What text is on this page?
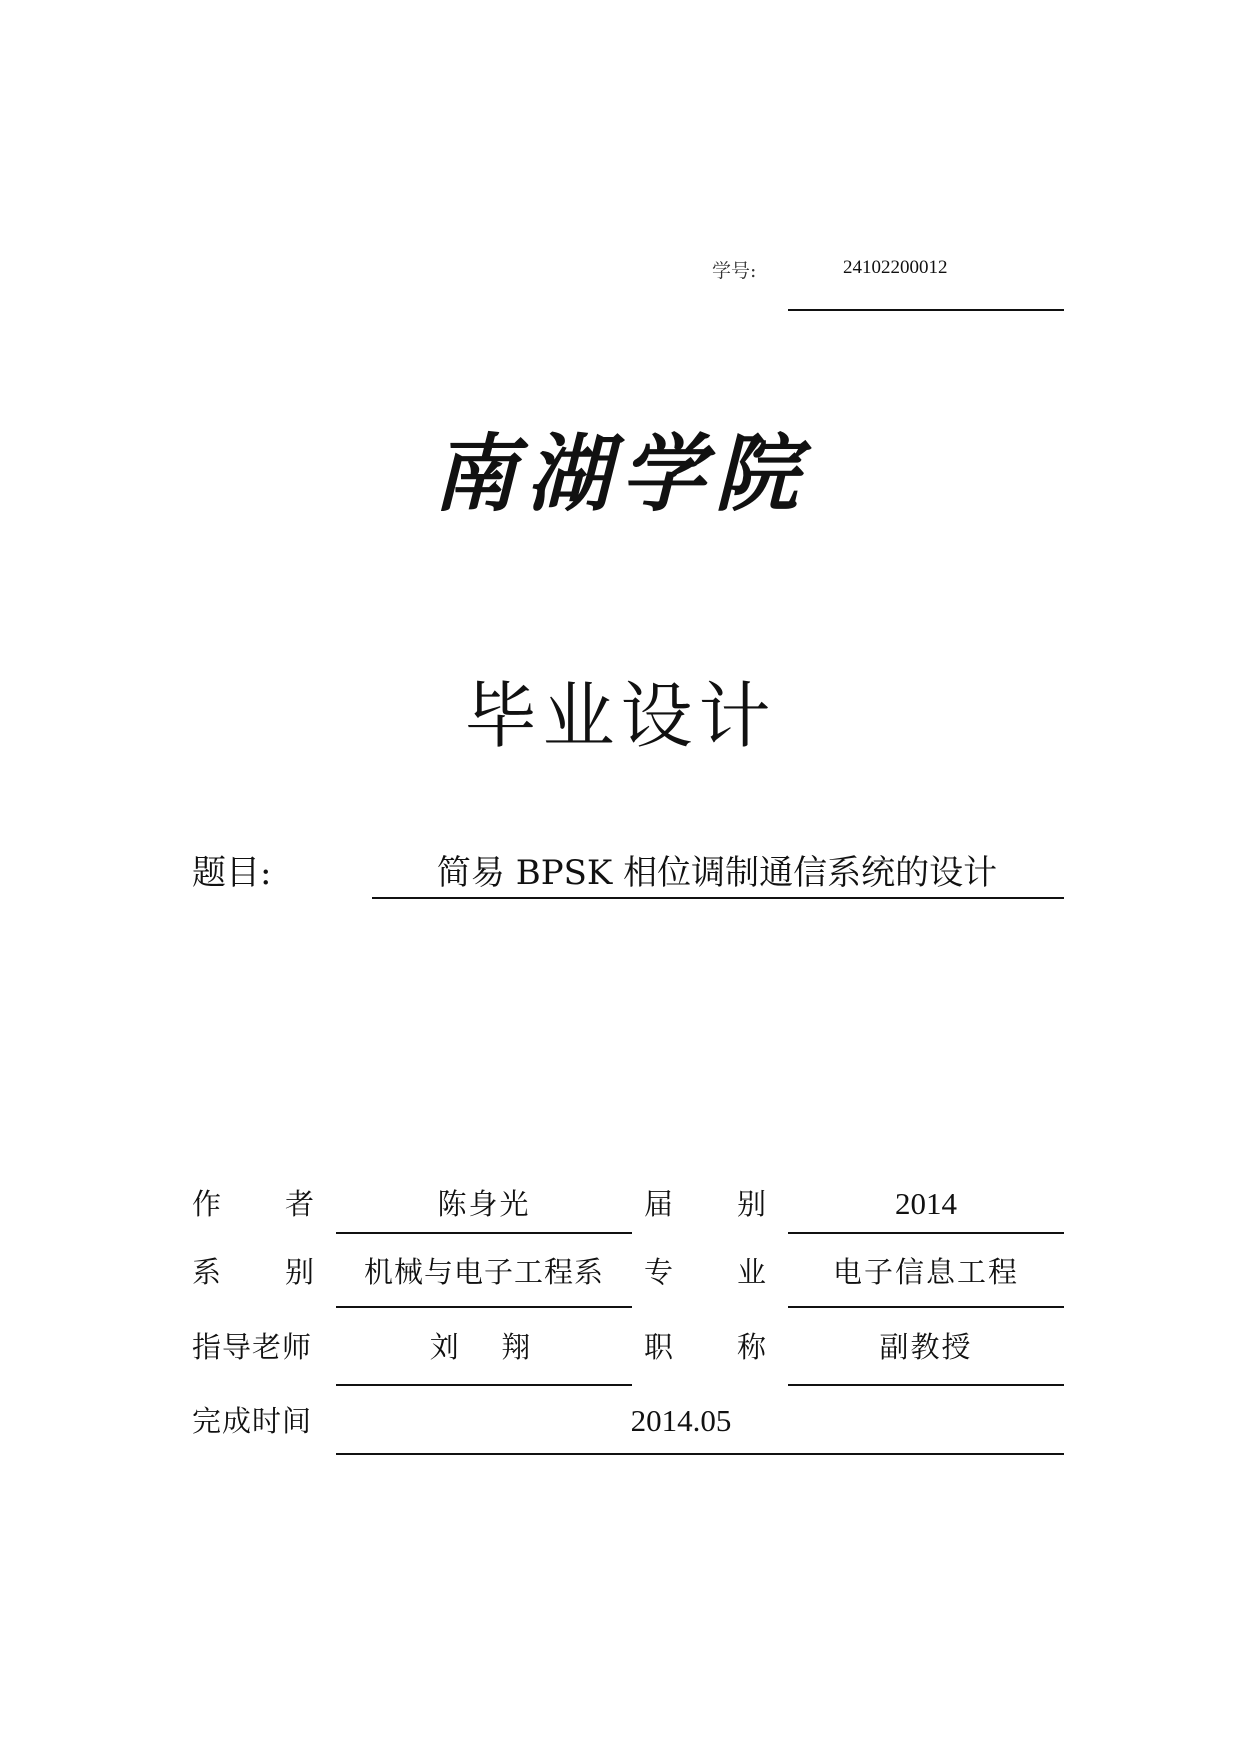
学号:	24102200012
南湖学院
毕业设计
题目:	简易 BPSK 相位调制通信系统的设计
作 者	陈身光	届 别	2014
系 别	机械与电子工程系	专 业	电子信息工程
指导老师	刘  翔	职 称	副教授
完成时间	2014.05
